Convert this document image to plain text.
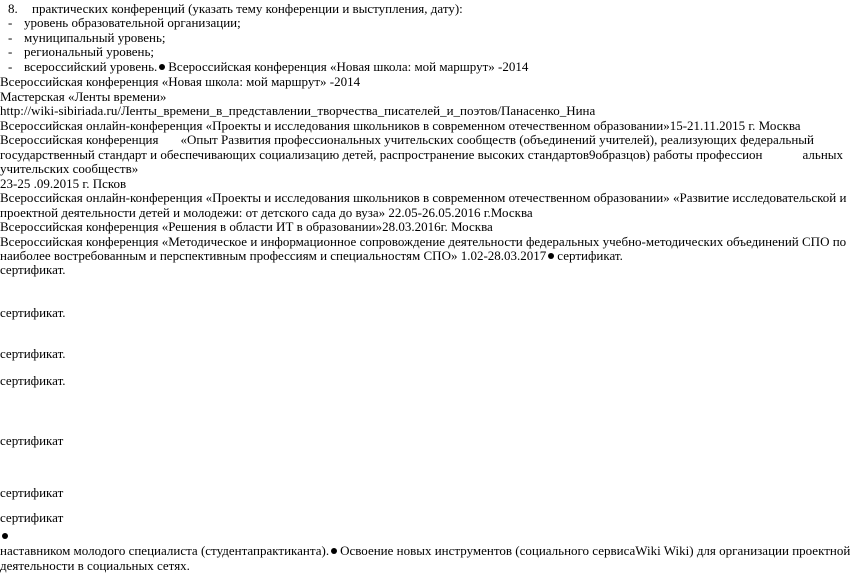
8. практических конференций (указать тему конференции и выступления, дату):
- уровень образовательной организации;
- муниципальный уровень;
- региональный уровень;
- всероссийский уровень. Всероссийская конференция «Новая школа: мой маршрут» -2014
Всероссийская конференция «Новая школа: мой маршрут» -2014
Мастерская «Ленты времени»
http://wiki-sibiriada.ru/Ленты_времени_в_представлении_творчества_писателей_и_поэтов/Панасенко_Нина
Всероссийская онлайн-конференция «Проекты и исследования школьников в современном отечественном образовании»15-21.11.2015 г. Москва
Всероссийская конференция «Опыт Развития профессиональных учительских сообществ (объединений учителей), реализующих федеральный
государственный стандарт и обеспечивающих социализацию детей, распространение высоких стандартов9образцов) работы профессион	альных
учительских сообществ»
23-25 .09.2015 г. Псков
Всероссийская онлайн-конференция «Проекты и исследования школьников в современном отечественном образовании» «Развитие исследовательской и
проектной деятельности детей и молодежи: от детского сада до вуза» 22.05-26.05.2016 г.Москва
Всероссийская конференция «Решения в области ИТ в образовании»28.03.2016г. Москва
Всероссийская конференция «Методическое и информационное сопровождение деятельности федеральных учебно-методических объединений СПО по
наиболее востребованным и перспективным профессиям и специальностям СПО» 1.02-28.03.2017 сертификат.
сертификат.
сертификат.
сертификат.
сертификат.
сертификат
сертификат
сертификат
наставником молодого специалиста (студентапрактиканта). Освоение новых инструментов (социального сервисаWiki Wiki) для организации проектной
деятельности в социальных сетях.
